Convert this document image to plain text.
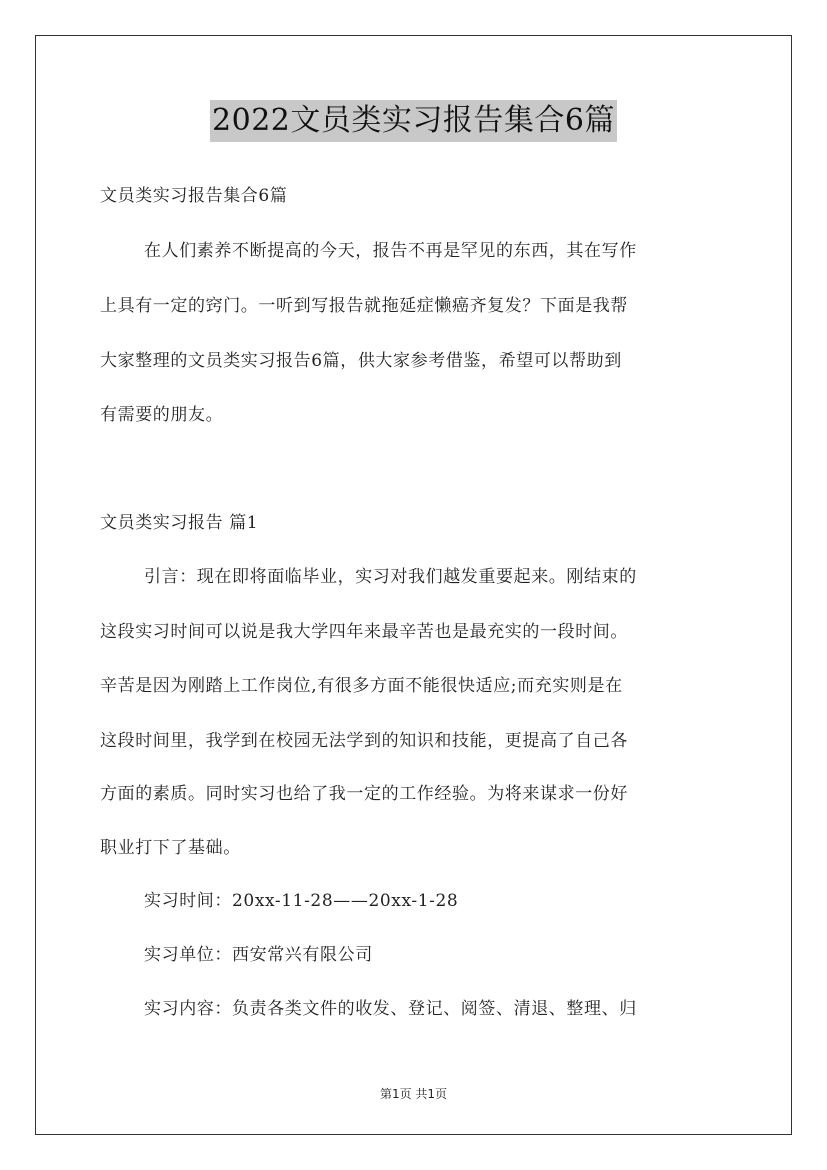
2022文员类实习报告集合6篇
文员类实习报告集合6篇
在人们素养不断提高的今天，报告不再是罕见的东西，其在写作
上具有一定的窍门。一听到写报告就拖延症懒癌齐复发？下面是我帮
大家整理的文员类实习报告6篇，供大家参考借鉴，希望可以帮助到
有需要的朋友。
文员类实习报告 篇1
引言：现在即将面临毕业，实习对我们越发重要起来。刚结束的
这段实习时间可以说是我大学四年来最辛苦也是最充实的一段时间。
辛苦是因为刚踏上工作岗位,有很多方面不能很快适应;而充实则是在
这段时间里，我学到在校园无法学到的知识和技能，更提高了自己各
方面的素质。同时实习也给了我一定的工作经验。为将来谋求一份好
职业打下了基础。
实习时间：20xx-11-28——20xx-1-28
实习单位：西安常兴有限公司
实习内容：负责各类文件的收发、登记、阅签、清退、整理、归
第1页 共1页
